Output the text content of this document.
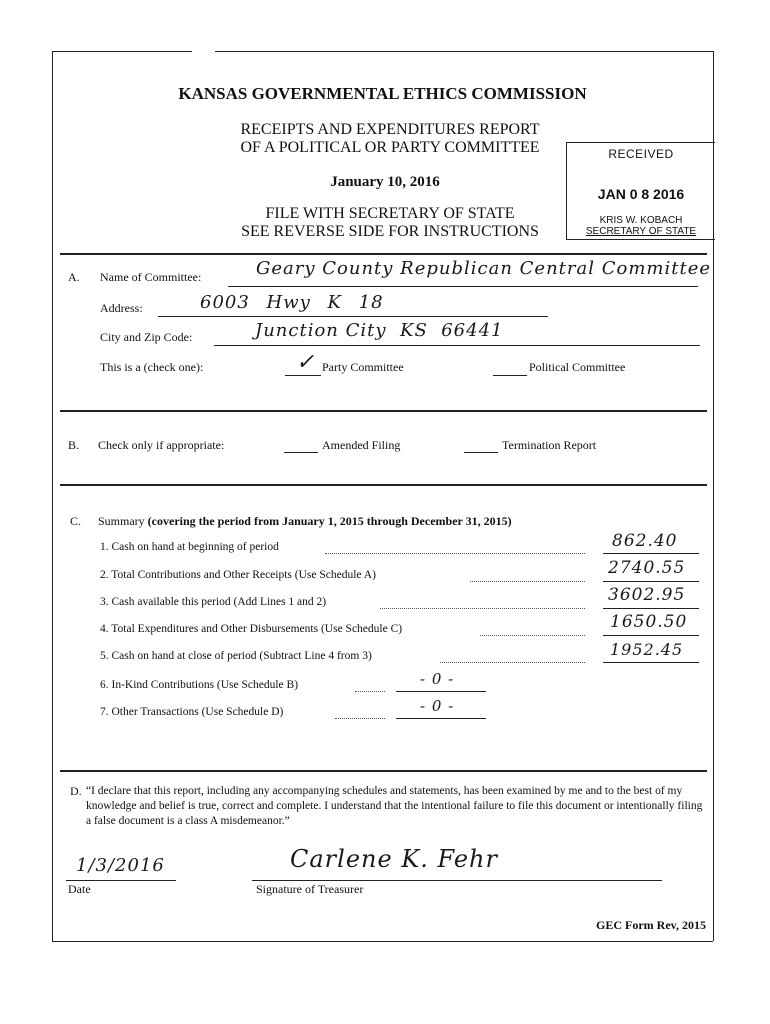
KANSAS GOVERNMENTAL ETHICS COMMISSION
RECEIPTS AND EXPENDITURES REPORT
OF A POLITICAL OR PARTY COMMITTEE
January 10, 2016
FILE WITH SECRETARY OF STATE
SEE REVERSE SIDE FOR INSTRUCTIONS
RECEIVED
JAN 0 8 2016
KRIS W. KOBACH
SECRETARY OF STATE
A. Name of Committee:	Geary County Republican Central Committee
Address:	6003 Hwy K 18
City and Zip Code:	Junction City  KS  66441
This is a (check one):	✓ Party Committee	Political Committee
B. Check only if appropriate:	Amended Filing	Termination Report
C. Summary (covering the period from January 1, 2015 through December 31, 2015)
1. Cash on hand at beginning of period	862.40
2. Total Contributions and Other Receipts (Use Schedule A)	2740.55
3. Cash available this period (Add Lines 1 and 2)	3602.95
4. Total Expenditures and Other Disbursements (Use Schedule C)	1650.50
5. Cash on hand at close of period (Subtract Line 4 from 3)	1952.45
6. In-Kind Contributions (Use Schedule B)	- 0 -
7. Other Transactions (Use Schedule D)	- 0 -
D. “I declare that this report, including any accompanying schedules and statements, has been examined by me and to the best of my knowledge and belief is true, correct and complete. I understand that the intentional failure to file this document or intentionally filing a false document is a class A misdemeanor.”
1/3/2016
Date
Carlene K. Fehr
Signature of Treasurer
GEC Form Rev, 2015
